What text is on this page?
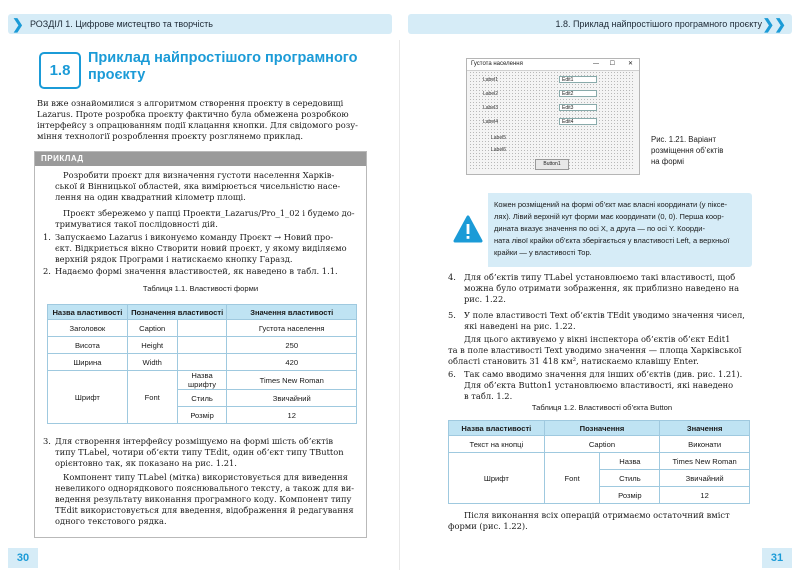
❯ РОЗДІЛ 1. Цифрове мистецтво та творчість	1.8. Приклад найпростішого програмного проєкту ❯❯
1.8
Приклад найпростішого програмного
проєкту
Ви вже ознайомилися з алгоритмом створення проєкту в середовищі
Lazarus. Проте розробка проєкту фактично була обмежена розробкою
інтерфейсу з опрацюванням події клацання кнопки. Для свідомого розу-
міння технології розроблення проєкту розглянемо приклад.
ПРИКЛАД
Розробити проєкт для визначення густоти населення Харків-
ської й Вінницької областей, яка вимірюється чисельністю насе-
лення на один квадратний кілометр площі.
Проєкт збережемо у папці Проекти_Lazarus/Pro_1_02 і будемо до-
тримуватися такої послідовності дій.
1. Запускаємо Lazarus і виконуємо команду Проєкт → Новий про-
єкт. Відкриється вікно Створити новий проєкт, у якому виділяємо
верхній рядок Програми і натискаємо кнопку Гаразд.
2. Надаємо формі значення властивостей, як наведено в табл. 1.1.
Таблиця 1.1. Властивості форми
Назва властивості	Позначення властивості		Значення властивості
Заголовок	Caption		Густота населення
Висота	Height		250
Ширина	Width		420
Шрифт	Font	Назва шрифту	Times New Roman
		Стиль	Звичайний
		Розмір	12
3. Для створення інтерфейсу розміщуємо на формі шість об’єктів
типу TLabel, чотири об’єкти типу TEdit, один об’єкт типу TButton
орієнтовно так, як показано на рис. 1.21.
Компонент типу TLabel (мітка) використовується для виведення
невеликого однорядкового пояснювального тексту, а також для ви-
ведення результату виконання програмного коду. Компонент типу
TEdit використовується для введення, відображення й редагування
одного текстового рядка.
30
Густота населення	— ☐ ✕
Label1
Label2
Label3
Label4
Label5
Label6
Edit1
Edit2
Edit3
Edit4
Button1
Рис. 1.21. Варіант
розміщення об’єктів
на формі
Кожен розміщений на формі об’єкт має власні координати (у піксе-
лях). Лівий верхній кут форми має координати (0, 0). Перша коор-
дината вказує значення по осі X, а друга — по осі Y. Коорди-
ната лівої крайки об’єкта зберігається у властивості Left, а верхньої
крайки — у властивості Top.
4. Для об’єктів типу TLabel установлюємо такі властивості, щоб
можна було отримати зображення, як приблизно наведено на
рис. 1.22.
5. У поле властивості Text об’єктів TEdit уводимо значення чисел,
які наведені на рис. 1.22.
Для цього активуємо у вікні інспектора об’єктів об’єкт Edit1
та в поле властивості Text уводимо значення — площа Харківської
області становить 31 418 км², натискаємо клавішу Enter.
6. Так само вводимо значення для інших об’єктів (див. рис. 1.21).
Для об’єкта Button1 установлюємо властивості, які наведено
в табл. 1.2.
Таблиця 1.2. Властивості об’єкта Button
Назва властивості	Позначення		Значення
Текст на кнопці	Caption		Виконати
Шрифт	Font	Назва	Times New Roman
		Стиль	Звичайний
		Розмір	12
Після виконання всіх операцій отримаємо остаточний вміст
форми (рис. 1.22).
31
